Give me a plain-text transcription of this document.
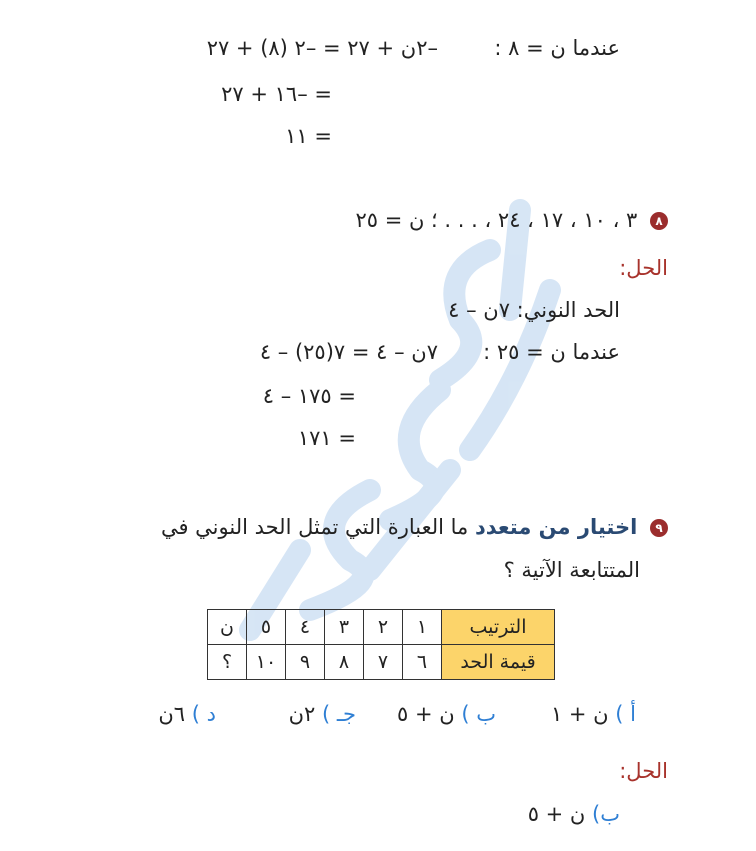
عندما ن = ٨ :
–٢ن + ٢٧ = –٢ (٨) + ٢٧
= –١٦ + ٢٧
= ١١
٨ ٣ ، ١٠ ، ١٧ ، ٢٤ ، . . . ؛ ن = ٢٥
الحل:
الحد النوني: ٧ن – ٤
عندما ن = ٢٥ :
٧ن – ٤ = ٧(٢٥) – ٤
= ١٧٥ – ٤
= ١٧١
٩ اختيار من متعدد ما العبارة التي تمثل الحد النوني في
المتتابعة الآتية ؟
الترتيب	١	٢	٣	٤	٥	ن
قيمة الحد	٦	٧	٨	٩	١٠	؟
أ ) ن + ١
ب ) ن + ٥
جـ ) ٢ن
د ) ٦ن
الحل:
ب) ن + ٥
